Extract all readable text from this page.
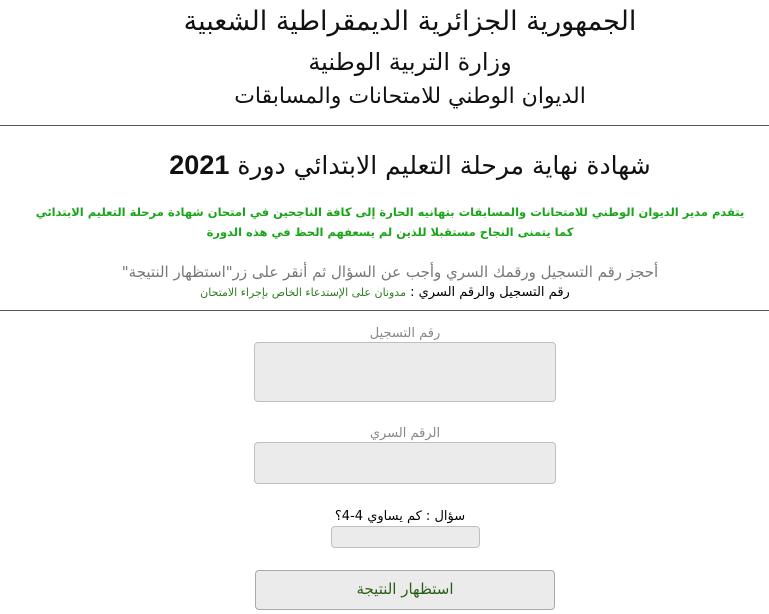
الجمهورية الجزائرية الديمقراطية الشعبية
وزارة التربية الوطنية
الديوان الوطني للامتحانات والمسابقات
شهادة نهاية مرحلة التعليم الابتدائي دورة 2021
يتقدم مدير الديوان الوطني للامتحانات والمسابقات بتهانيه الحارة إلى كافة الناجحين في امتحان شهادة مرحلة التعليم الابتدائي
كما يتمنى النجاح مستقبلا للذين لم يسعفهم الحظ في هذه الدورة
أحجز رقم التسجيل ورقمك السري وأجب عن السؤال ثم أنقر على زر"استظهار النتيجة"
رقم التسجيل والرقم السري : مدونان على الإستدعاء الخاص بإجراء الامتحان
رقم التسجيل
الرقم السري
سؤال : كم يساوي 4-4؟
استظهار النتيجة
